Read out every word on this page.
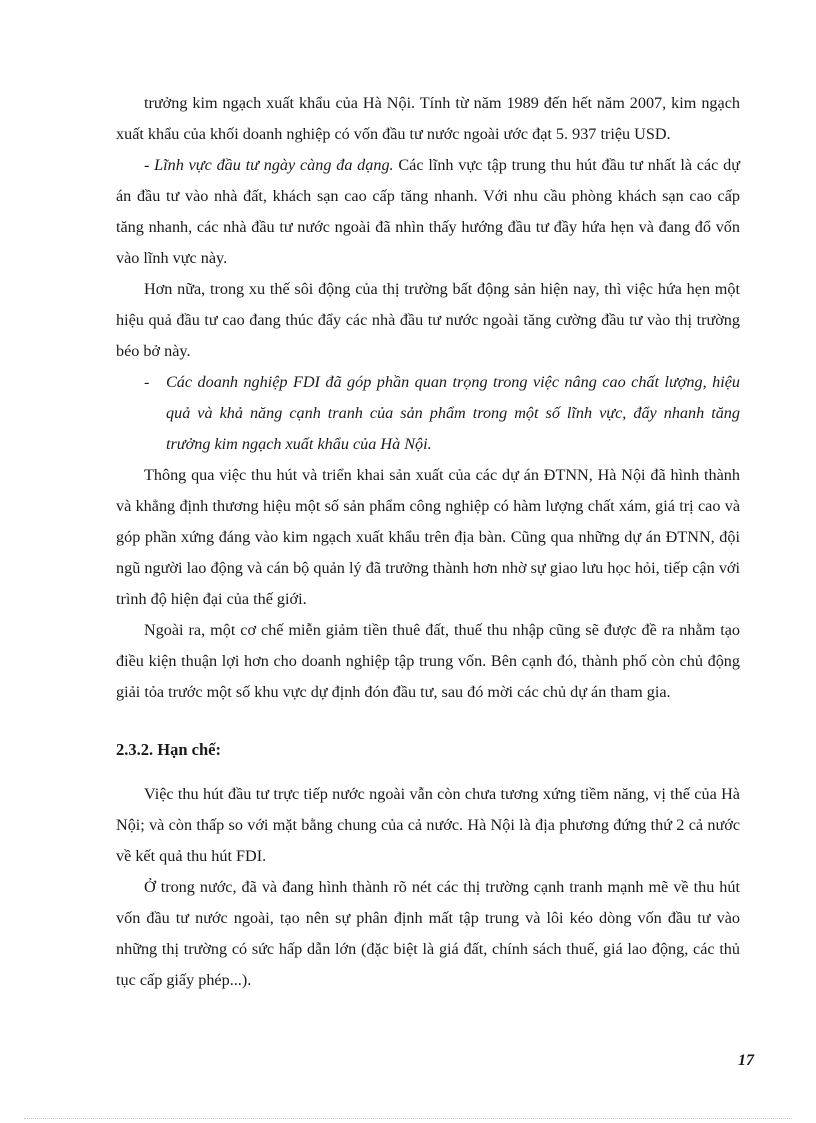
trưởng kim ngạch xuất khẩu của Hà Nội. Tính từ năm 1989 đến hết năm 2007, kim ngạch xuất khẩu của khối doanh nghiệp có vốn đầu tư nước ngoài ước đạt 5. 937 triệu USD.

- Lĩnh vực đầu tư ngày càng đa dạng. Các lĩnh vực tập trung thu hút đầu tư nhất là các dự án đầu tư vào nhà đất, khách sạn cao cấp tăng nhanh. Với nhu cầu phòng khách sạn cao cấp tăng nhanh, các nhà đầu tư nước ngoài đã nhìn thấy hướng đầu tư đầy hứa hẹn và đang đổ vốn vào lĩnh vực này.

Hơn nữa, trong xu thế sôi động của thị trường bất động sản hiện nay, thì việc hứa hẹn một hiệu quả đầu tư cao đang thúc đẩy các nhà đầu tư nước ngoài tăng cường đầu tư vào thị trường béo bở này.

- Các doanh nghiệp FDI đã góp phần quan trọng trong việc nâng cao chất lượng, hiệu quả và khả năng cạnh tranh của sản phẩm trong một số lĩnh vực, đẩy nhanh tăng trưởng kim ngạch xuất khẩu của Hà Nội.

Thông qua việc thu hút và triển khai sản xuất của các dự án ĐTNN, Hà Nội đã hình thành và khẳng định thương hiệu một số sản phẩm công nghiệp có hàm lượng chất xám, giá trị cao và góp phần xứng đáng vào kim ngạch xuất khẩu trên địa bàn. Cũng qua những dự án ĐTNN, đội ngũ người lao động và cán bộ quản lý đã trưởng thành hơn nhờ sự giao lưu học hỏi, tiếp cận với trình độ hiện đại của thế giới.

Ngoài ra, một cơ chế miễn giảm tiền thuê đất, thuế thu nhập cũng sẽ được đề ra nhằm tạo điều kiện thuận lợi hơn cho doanh nghiệp tập trung vốn. Bên cạnh đó, thành phố còn chủ động giải tỏa trước một số khu vực dự định đón đầu tư, sau đó mời các chủ dự án tham gia.

2.3.2. Hạn chế:

Việc thu hút đầu tư trực tiếp nước ngoài vẫn còn chưa tương xứng tiềm năng, vị thế của Hà Nội; và còn thấp so với mặt bằng chung của cả nước. Hà Nội là địa phương đứng thứ 2 cả nước về kết quả thu hút FDI.

Ở trong nước, đã và đang hình thành rõ nét các thị trường cạnh tranh mạnh mẽ về thu hút vốn đầu tư nước ngoài, tạo nên sự phân định mất tập trung và lôi kéo dòng vốn đầu tư vào những thị trường có sức hấp dẫn lớn (đặc biệt là giá đất, chính sách thuế, giá lao động, các thủ tục cấp giấy phép...).

17
